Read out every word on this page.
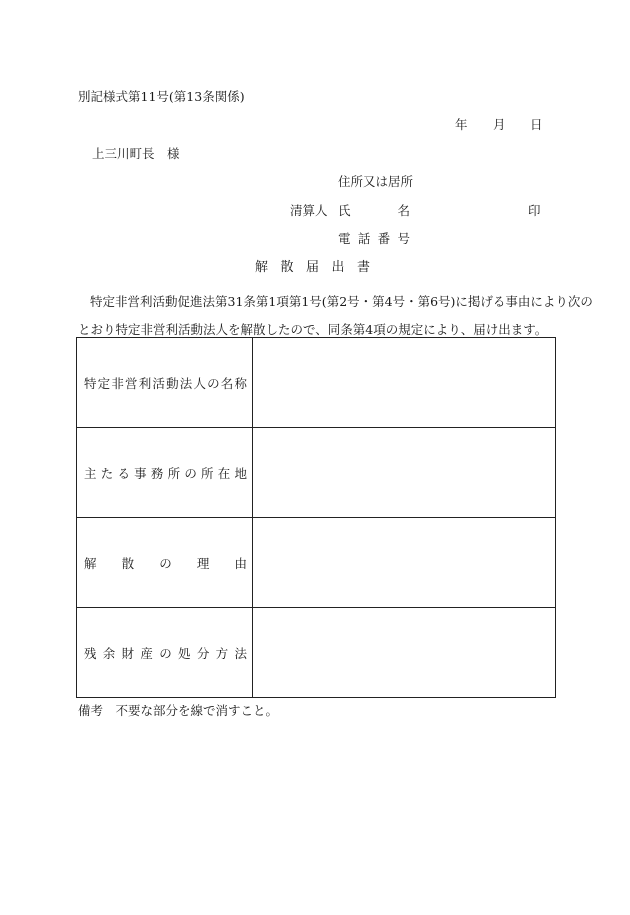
別記様式第11号(第13条関係)
年 月 日
上三川町長　様
住所又は居所
清算人 氏名	印
電話番号
解散届出書
特定非営利活動促進法第31条第1項第1号(第2号・第4号・第6号)に掲げる事由により次の
とおり特定非営利活動法人を解散したので、同条第4項の規定により、届け出ます。
特定非営利活動法人の名称	

主たる事務所の所在地	

解散の理由	

残余財産の処分方法	

備考　不要な部分を線で消すこと。
